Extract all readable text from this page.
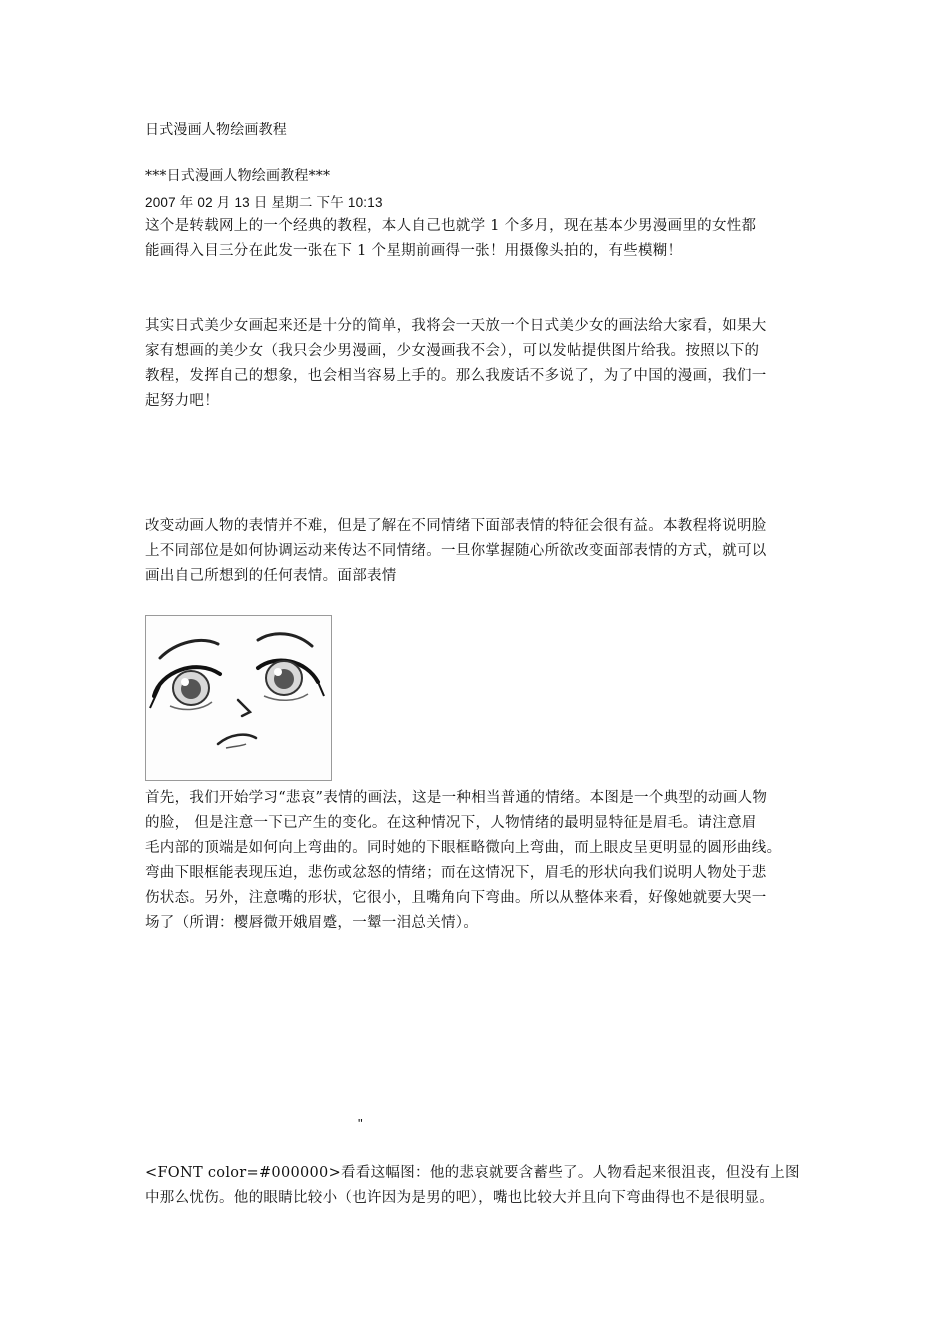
日式漫画人物绘画教程
***日式漫画人物绘画教程***
2007 年 02 月 13 日 星期二 下午 10:13
这个是转载网上的一个经典的教程，本人自己也就学 1 个多月，现在基本少男漫画里的女性都
能画得入目三分在此发一张在下 1 个星期前画得一张！用摄像头拍的，有些模糊！
其实日式美少女画起来还是十分的简单，我将会一天放一个日式美少女的画法给大家看，如果大
家有想画的美少女（我只会少男漫画，少女漫画我不会），可以发帖提供图片给我。按照以下的
教程，发挥自己的想象，也会相当容易上手的。那么我废话不多说了，为了中国的漫画，我们一
起努力吧！
改变动画人物的表情并不难，但是了解在不同情绪下面部表情的特征会很有益。本教程将说明脸
上不同部位是如何协调运动来传达不同情绪。一旦你掌握随心所欲改变面部表情的方式，就可以
画出自己所想到的任何表情。面部表情
首先，我们开始学习“悲哀”表情的画法，这是一种相当普通的情绪。本图是一个典型的动画人物
的脸， 但是注意一下已产生的变化。在这种情况下，人物情绪的最明显特征是眉毛。请注意眉
毛内部的顶端是如何向上弯曲的。同时她的下眼框略微向上弯曲，而上眼皮呈更明显的圆形曲线。
弯曲下眼框能表现压迫，悲伤或忿怒的情绪；而在这情况下，眉毛的形状向我们说明人物处于悲
伤状态。另外，注意嘴的形状，它很小，且嘴角向下弯曲。所以从整体来看，好像她就要大哭一
场了（所谓：樱唇微开娥眉蹙，一颦一泪总关情）。
"
<FONT color=#000000>看看这幅图：他的悲哀就要含蓄些了。人物看起来很沮丧，但没有上图
中那么忧伤。他的眼睛比较小（也许因为是男的吧），嘴也比较大并且向下弯曲得也不是很明显。
